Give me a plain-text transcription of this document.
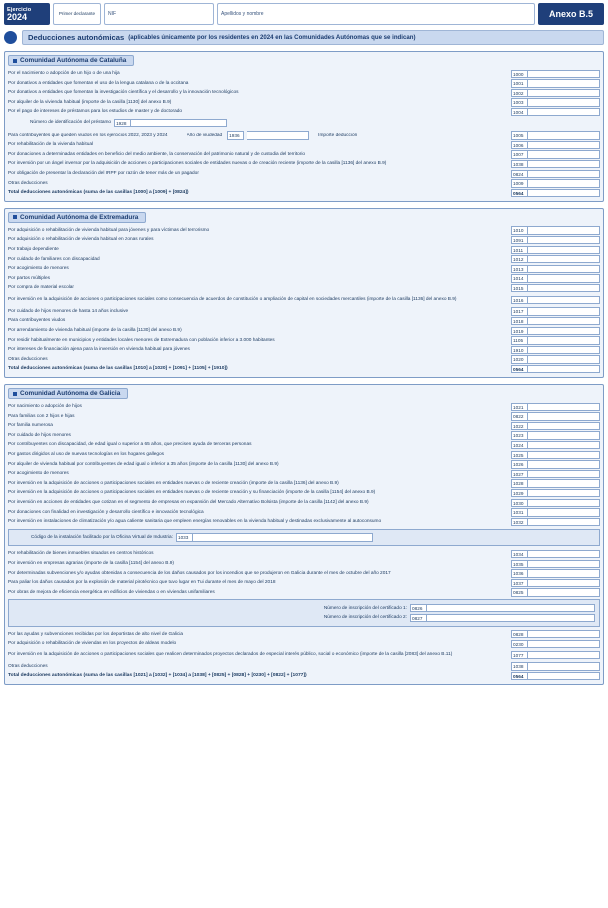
Ejercicio
2024	Primer declarante	NIF	Apellidos y nombre	Anexo B.5
Deducciones autonómicas (aplicables únicamente por los residentes en 2024 en las Comunidades Autónomas que se indican)
Comunidad Autónoma de Cataluña
Por el nacimiento o adopción de un hijo o de una hija	1000	

Por donativos a entidades que fomentan el uso de la lengua catalana o de la occitana	1001	

Por donativos a entidades que fomentan la investigación científica y el desarrollo y la innovación tecnológicos	1002	

Por alquiler de la vivienda habitual (importe de la casilla [1130] del anexo B.9)	1003	

Por el pago de intereses de préstamos para los estudios de master y de doctorado	1004	

Número de identificación del préstamo	1928
Para contribuyentes que queden viudos en los ejercicios 2022, 2023 y 2024 Año de viudedad 1936 Importe deducción	1005	

Por rehabilitación de la vivienda habitual	1006	

Por donaciones a determinadas entidades en beneficio del medio ambiente, la conservación del patrimonio natural y de custodia del territorio	1007	

Por inversión por un ángel inversor por la adquisición de acciones o participaciones sociales de entidades nuevas o de creación reciente (importe de la casilla [1136] del anexo B.9)	1038	

Por obligación de presentar la declaración del IRPF por razón de tener más de un pagador	0824	

Otras deducciones	1009	

Total deducciones autonómicas (suma de las casillas [1000] a [1009] + [0824])	0564	

Comunidad Autónoma de Extremadura
Por adquisición o rehabilitación de vivienda habitual para jóvenes y para víctimas del terrorismo	1010	

Por adquisición o rehabilitación de vivienda habitual en zonas rurales	1091	

Por trabajo dependiente	1011	

Por cuidado de familiares con discapacidad	1012	

Por acogimiento de menores	1013	

Por partos múltiples	1014	

Por compra de material escolar	1015	

Por inversión en la adquisición de acciones o participaciones sociales como consecuencia de acuerdos de constitución o ampliación de capital en sociedades mercantiles (importe de la casilla [1136] del anexo B.9)	1016	

Por cuidado de hijos menores de hasta 14 años inclusive	1017	

Para contribuyentes viudos	1018	

Por arrendamiento de vivienda habitual (importe de la casilla [1130] del anexo B.9)	1019	

Por residir habitualmente en municipios y entidades locales menores de Extremadura con población inferior a 3.000 habitantes	1105	

Por intereses de financiación ajena para la inversión en vivienda habitual para jóvenes	1910	

Otras deducciones	1020	

Total deducciones autonómicas (suma de las casillas [1010] a [1020] + [1091] + [1105] + [1910])	0564	

Comunidad Autónoma de Galicia
Por nacimiento o adopción de hijos	1021	

Para familias con 2 hijos e hijas	0822	

Por familia numerosa	1022	

Por cuidado de hijos menores	1023	

Por contribuyentes con discapacidad, de edad igual o superior a 65 años, que precisen ayuda de terceras personas	1024	

Por gastos dirigidos al uso de nuevas tecnologías en los hogares gallegos	1025	

Por alquiler de vivienda habitual por contribuyentes de edad igual o inferior a 35 años (importe de la casilla [1130] del anexo B.9)	1026	

Por acogimiento de menores	1027	

Por inversión en la adquisición de acciones o participaciones sociales en entidades nuevas o de reciente creación (importe de la casilla [1136] del anexo B.9)	1028	

Por inversión en la adquisición de acciones o participaciones sociales en entidades nuevas o de reciente creación y su financiación (importe de la casilla [1154] del anexo B.9)	1029	

Por inversión en acciones de entidades que cotizan en el segmento de empresas en expansión del Mercado Alternativo Bolsista (importe de la casilla [1142] del anexo B.9)	1030	

Por donaciones con finalidad en investigación y desarrollo científico e innovación tecnológica	1031	

Por inversión en instalaciones de climatización y/o agua caliente sanitaria que empleen energías renovables en la vivienda habitual y destinadas exclusivamente al autoconsumo	1032	

Código de la instalación facilitado por la Oficina Virtual de Industria:	1033
Por rehabilitación de bienes inmuebles situados en centros históricos	1034	

Por inversión en empresas agrarias (importe de la casilla [1154] del anexo B.9)	1035	

Por determinadas subvenciones y/o ayudas obtenidas a consecuencia de los daños causados por los incendios que se produjeron en Galicia durante el mes de octubre del año 2017	1036	

Para paliar los daños causados por la explosión de material pirotécnico que tuvo lugar en Tui durante el mes de mayo del 2018	1037	

Por obras de mejora de eficiencia energética en edificios de viviendas o en viviendas unifamiliares	0825	

Número de inscripción del certificado 1:	0826
Número de inscripción del certificado 2:	0827
Por las ayudas y subvenciones recibidas por los deportistas de alto nivel de Galicia	0828	

Por adquisición o rehabilitación de viviendas en los proyectos de aldeas modelo	0230	

Por inversión en la adquisición de acciones o participaciones sociales que realicen determinados proyectos declarados de especial interés público, social o económico (importe de la casilla [2083] del anexo B.11)	1077	

Otras deducciones	1038	

Total deducciones autonómicas (suma de las casillas [1021] a [1032] + [1034] a [1038] + [0825] + [0828] + [0230] + [0822] + [1077])	0564	
